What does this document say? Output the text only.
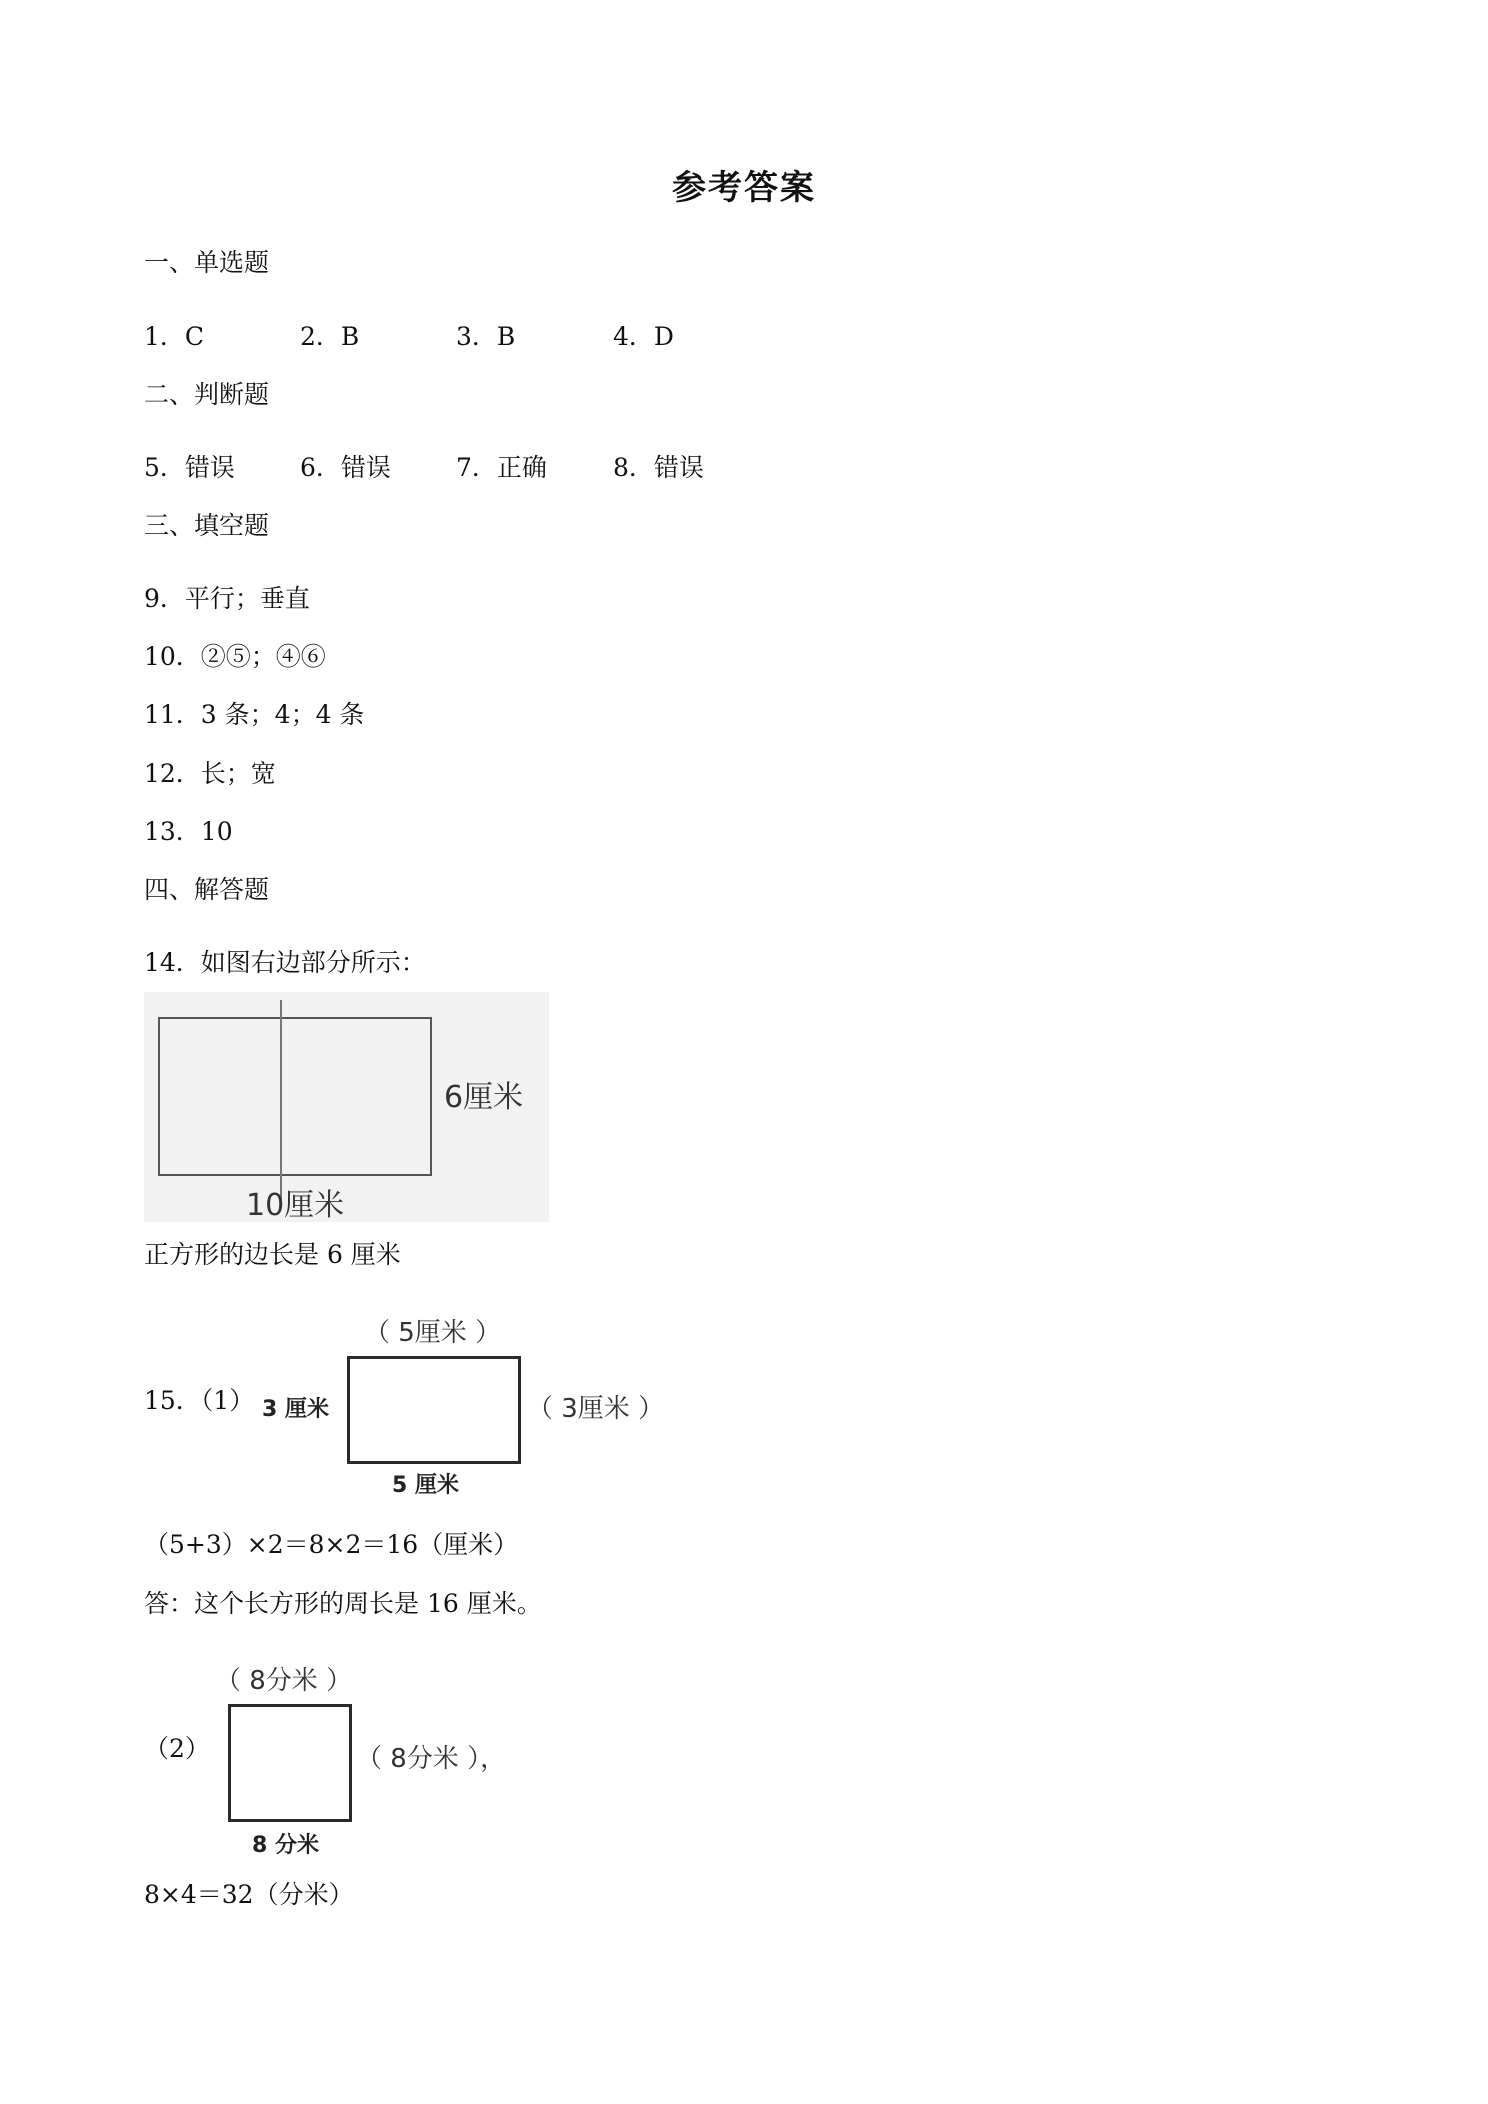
参考答案
一、单选题
1．C	2．B	3．B	4．D
二、判断题
5．错误	6．错误	7．正确	8．错误
三、填空题
9．平行；垂直
10．②⑤；④⑥
11．3 条；4；4 条
12．长；宽
13．10
四、解答题
14．如图右边部分所示：
6厘米
10厘米
正方形的边长是 6 厘米
15．（1）
（ 5厘米 ）
3 厘米	（ 3厘米 ）
5 厘米
（5+3）×2＝8×2＝16（厘米）
答：这个长方形的周长是 16 厘米。
（2）
（ 8分米 ）
（ 8分米 ），
8 分米
8×4＝32（分米）
